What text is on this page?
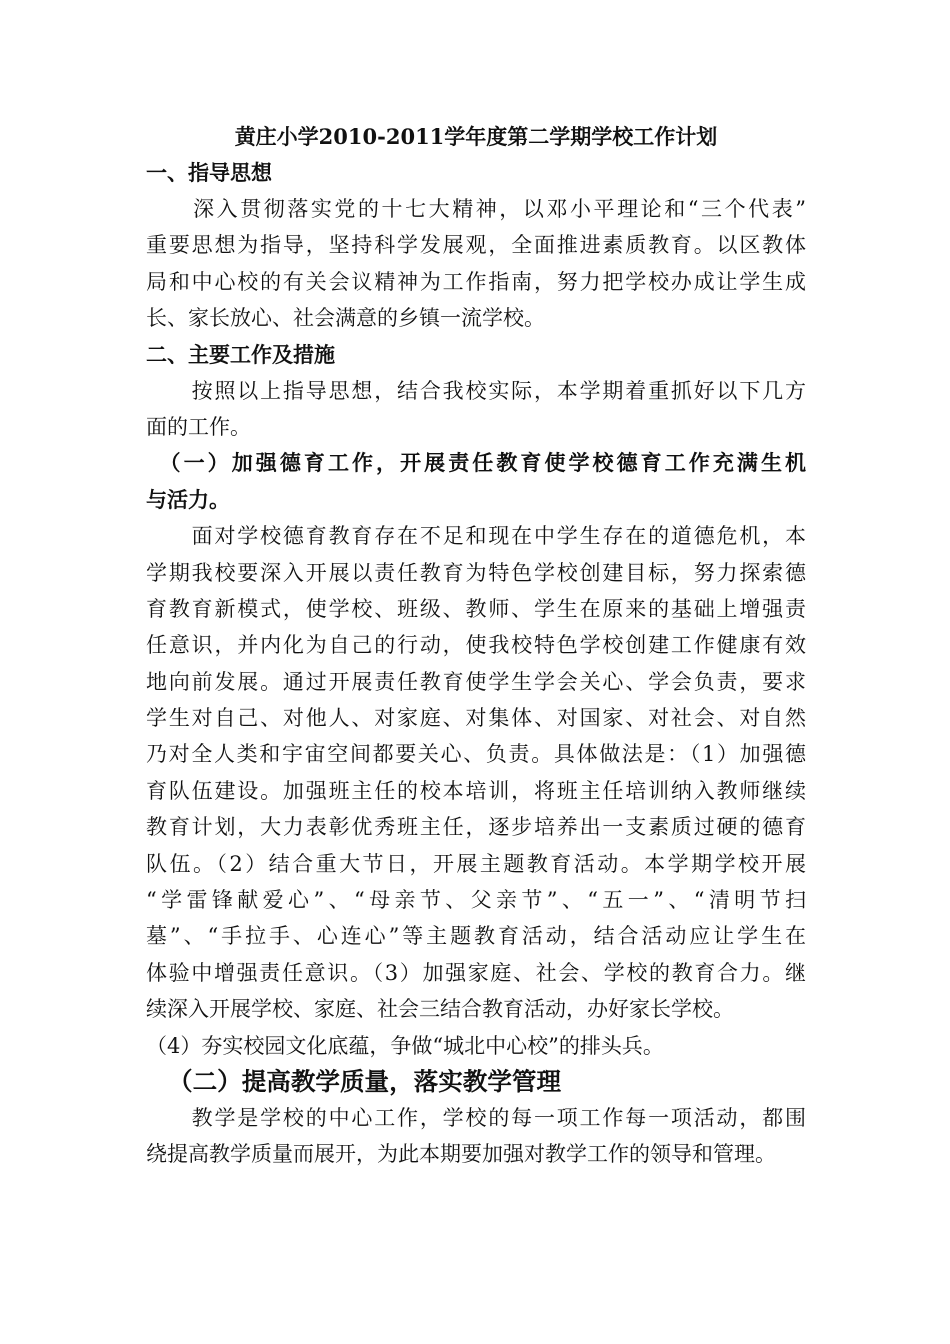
黄庄小学2010-2011学年度第二学期学校工作计划
一、指导思想
　　深入贯彻落实党的十七大精神，以邓小平理论和“三个代表”
重要思想为指导，坚持科学发展观，全面推进素质教育。以区教体
局和中心校的有关会议精神为工作指南，努力把学校办成让学生成
长、家长放心、社会满意的乡镇一流学校。
二、主要工作及措施
　　按照以上指导思想，结合我校实际，本学期着重抓好以下几方
面的工作。
　（一）加强德育工作，开展责任教育使学校德育工作充满生机
与活力。
　　面对学校德育教育存在不足和现在中学生存在的道德危机，本
学期我校要深入开展以责任教育为特色学校创建目标，努力探索德
育教育新模式，使学校、班级、教师、学生在原来的基础上增强责
任意识，并内化为自己的行动，使我校特色学校创建工作健康有效
地向前发展。通过开展责任教育使学生学会关心、学会负责，要求
学生对自己、对他人、对家庭、对集体、对国家、对社会、对自然
乃对全人类和宇宙空间都要关心、负责。具体做法是：（1）加强德
育队伍建设。加强班主任的校本培训，将班主任培训纳入教师继续
教育计划，大力表彰优秀班主任，逐步培养出一支素质过硬的德育
队伍。（2）结合重大节日，开展主题教育活动。本学期学校开展
“学雷锋献爱心”、“母亲节、父亲节”、“五一”、“清明节扫
墓”、“手拉手、心连心”等主题教育活动，结合活动应让学生在
体验中增强责任意识。（3）加强家庭、社会、学校的教育合力。继
续深入开展学校、家庭、社会三结合教育活动，办好家长学校。
（4）夯实校园文化底蕴，争做“城北中心校”的排头兵。
（二）提高教学质量，落实教学管理
　　教学是学校的中心工作，学校的每一项工作每一项活动，都围
绕提高教学质量而展开，为此本期要加强对教学工作的领导和管理。
